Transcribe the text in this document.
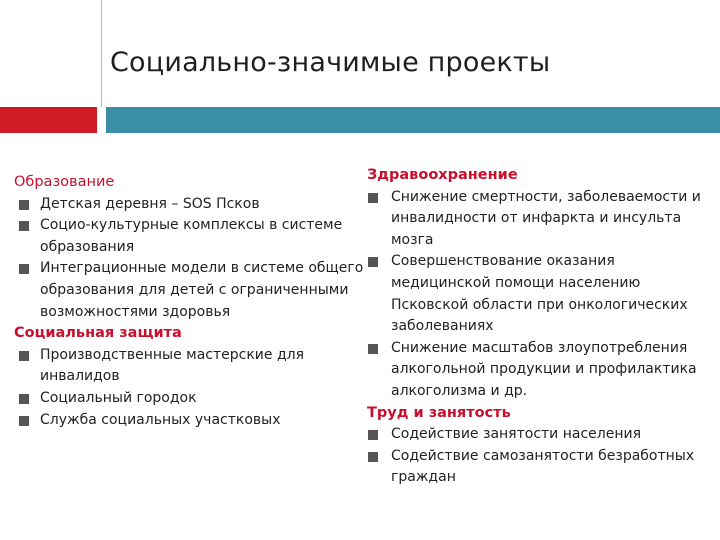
Социально-значимые проекты
Образование
Детская деревня – SOS Псков
Социо-культурные комплексы в системе образования
Интеграционные модели в системе общего образования для детей с ограниченными возможностями здоровья
Социальная защита
Производственные мастерские для инвалидов
Социальный городок
Служба социальных участковых
Здравоохранение
Снижение смертности, заболеваемости и инвалидности от инфаркта и инсульта мозга
Совершенствование оказания медицинской помощи населению Псковской области при онкологических заболеваниях
Снижение масштабов злоупотребления алкогольной продукции и профилактика алкоголизма и др.
Труд и занятость
Содействие занятости населения
Содействие самозанятости безработных граждан
